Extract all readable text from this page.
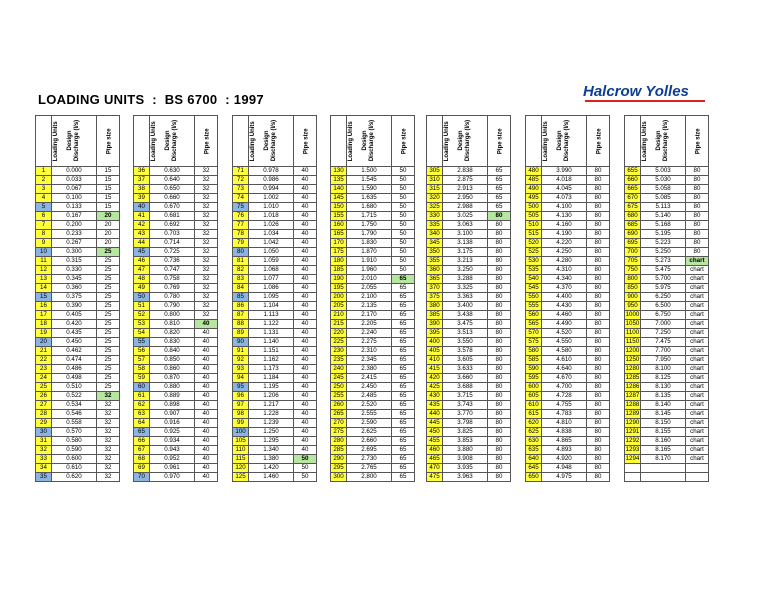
LOADING UNITS  :  BS 6700  : 1997	Halcrow Yolles
Loading Units	Design Discharge (l/s)	Pipe size
1	0.000	15
2	0.033	15
3	0.067	15
4	0.100	15
5	0.133	15
6	0.167	20
7	0.200	20
8	0.233	20
9	0.267	20
10	0.300	25
11	0.315	25
12	0.330	25
13	0.345	25
14	0.360	25
15	0.375	25
16	0.390	25
17	0.405	25
18	0.420	25
19	0.435	25
20	0.450	25
21	0.462	25
22	0.474	25
23	0.486	25
24	0.498	25
25	0.510	25
26	0.522	32
27	0.534	32
28	0.546	32
29	0.558	32
30	0.570	32
31	0.580	32
32	0.590	32
33	0.600	32
34	0.610	32
35	0.620	32
Loading Units	Design Discharge (l/s)	Pipe size
36	0.630	32
37	0.640	32
38	0.650	32
39	0.660	32
40	0.670	32
41	0.681	32
42	0.692	32
43	0.703	32
44	0.714	32
45	0.725	32
46	0.736	32
47	0.747	32
48	0.758	32
49	0.769	32
50	0.780	32
51	0.790	32
52	0.800	32
53	0.810	40
54	0.820	40
55	0.830	40
56	0.840	40
57	0.850	40
58	0.860	40
59	0.870	40
60	0.880	40
61	0.889	40
62	0.898	40
63	0.907	40
64	0.916	40
65	0.925	40
66	0.934	40
67	0.943	40
68	0.952	40
69	0.961	40
70	0.970	40
Loading Units	Design Discharge (l/s)	Pipe size
71	0.978	40
72	0.986	40
73	0.994	40
74	1.002	40
75	1.010	40
76	1.018	40
77	1.026	40
78	1.034	40
79	1.042	40
80	1.050	40
81	1.059	40
82	1.068	40
83	1.077	40
84	1.086	40
85	1.095	40
86	1.104	40
87	1.113	40
88	1.122	40
89	1.131	40
90	1.140	40
91	1.151	40
92	1.162	40
93	1.173	40
94	1.184	40
95	1.195	40
96	1.206	40
97	1.217	40
98	1.228	40
99	1.239	40
100	1.250	40
105	1.295	40
110	1.340	40
115	1.380	50
120	1.420	50
125	1.460	50
Loading Units	Design Discharge (l/s)	Pipe size
130	1.500	50
135	1.545	50
140	1.590	50
145	1.635	50
150	1.680	50
155	1.715	50
160	1.750	50
165	1.790	50
170	1.830	50
175	1.870	50
180	1.910	50
185	1.960	50
190	2.010	65
195	2.055	65
200	2.100	65
205	2.135	65
210	2.170	65
215	2.205	65
220	2.240	65
225	2.275	65
230	2.310	65
235	2.345	65
240	2.380	65
245	2.415	65
250	2.450	65
255	2.485	65
260	2.520	65
265	2.555	65
270	2.590	65
275	2.625	65
280	2.660	65
285	2.695	65
290	2.730	65
295	2.765	65
300	2.800	65
Loading Units	Design Discharge (l/s)	Pipe size
305	2.838	65
310	2.875	65
315	2.913	65
320	2.950	65
325	2.988	65
330	3.025	80
335	3.063	80
340	3.100	80
345	3.138	80
350	3.175	80
355	3.213	80
360	3.250	80
365	3.288	80
370	3.325	80
375	3.363	80
380	3.400	80
385	3.438	80
390	3.475	80
395	3.513	80
400	3.550	80
405	3.578	80
410	3.605	80
415	3.633	80
420	3.660	80
425	3.688	80
430	3.715	80
435	3.743	80
440	3.770	80
445	3.798	80
450	3.825	80
455	3.853	80
460	3.880	80
465	3.908	80
470	3.935	80
475	3.963	80
Loading Units	Design Discharge (l/s)	Pipe size
480	3.990	80
485	4.018	80
490	4.045	80
495	4.073	80
500	4.100	80
505	4.130	80
510	4.160	80
515	4.190	80
520	4.220	80
525	4.250	80
530	4.280	80
535	4.310	80
540	4.340	80
545	4.370	80
550	4.400	80
555	4.430	80
560	4.460	80
565	4.490	80
570	4.520	80
575	4.550	80
580	4.580	80
585	4.610	80
590	4.640	80
595	4.670	80
600	4.700	80
605	4.728	80
610	4.755	80
615	4.783	80
620	4.810	80
625	4.838	80
630	4.865	80
635	4.893	80
640	4.920	80
645	4.948	80
650	4.975	80
Loading Units	Design Discharge (l/s)	Pipe size
655	5.003	80
660	5.030	80
665	5.058	80
670	5.085	80
675	5.113	80
680	5.140	80
685	5.168	80
690	5.195	80
695	5.223	80
700	5.250	80
705	5.273	chart
750	5.475	chart
800	5.700	chart
850	5.975	chart
900	6.250	chart
950	6.500	chart
1000	6.750	chart
1050	7.000	chart
1100	7.250	chart
1150	7.475	chart
1200	7.700	chart
1250	7.950	chart
1280	8.100	chart
1285	8.125	chart
1286	8.130	chart
1287	8.135	chart
1288	8.140	chart
1289	8.145	chart
1290	8.150	chart
1291	8.155	chart
1292	8.160	chart
1293	8.165	chart
1294	8.170	chart
